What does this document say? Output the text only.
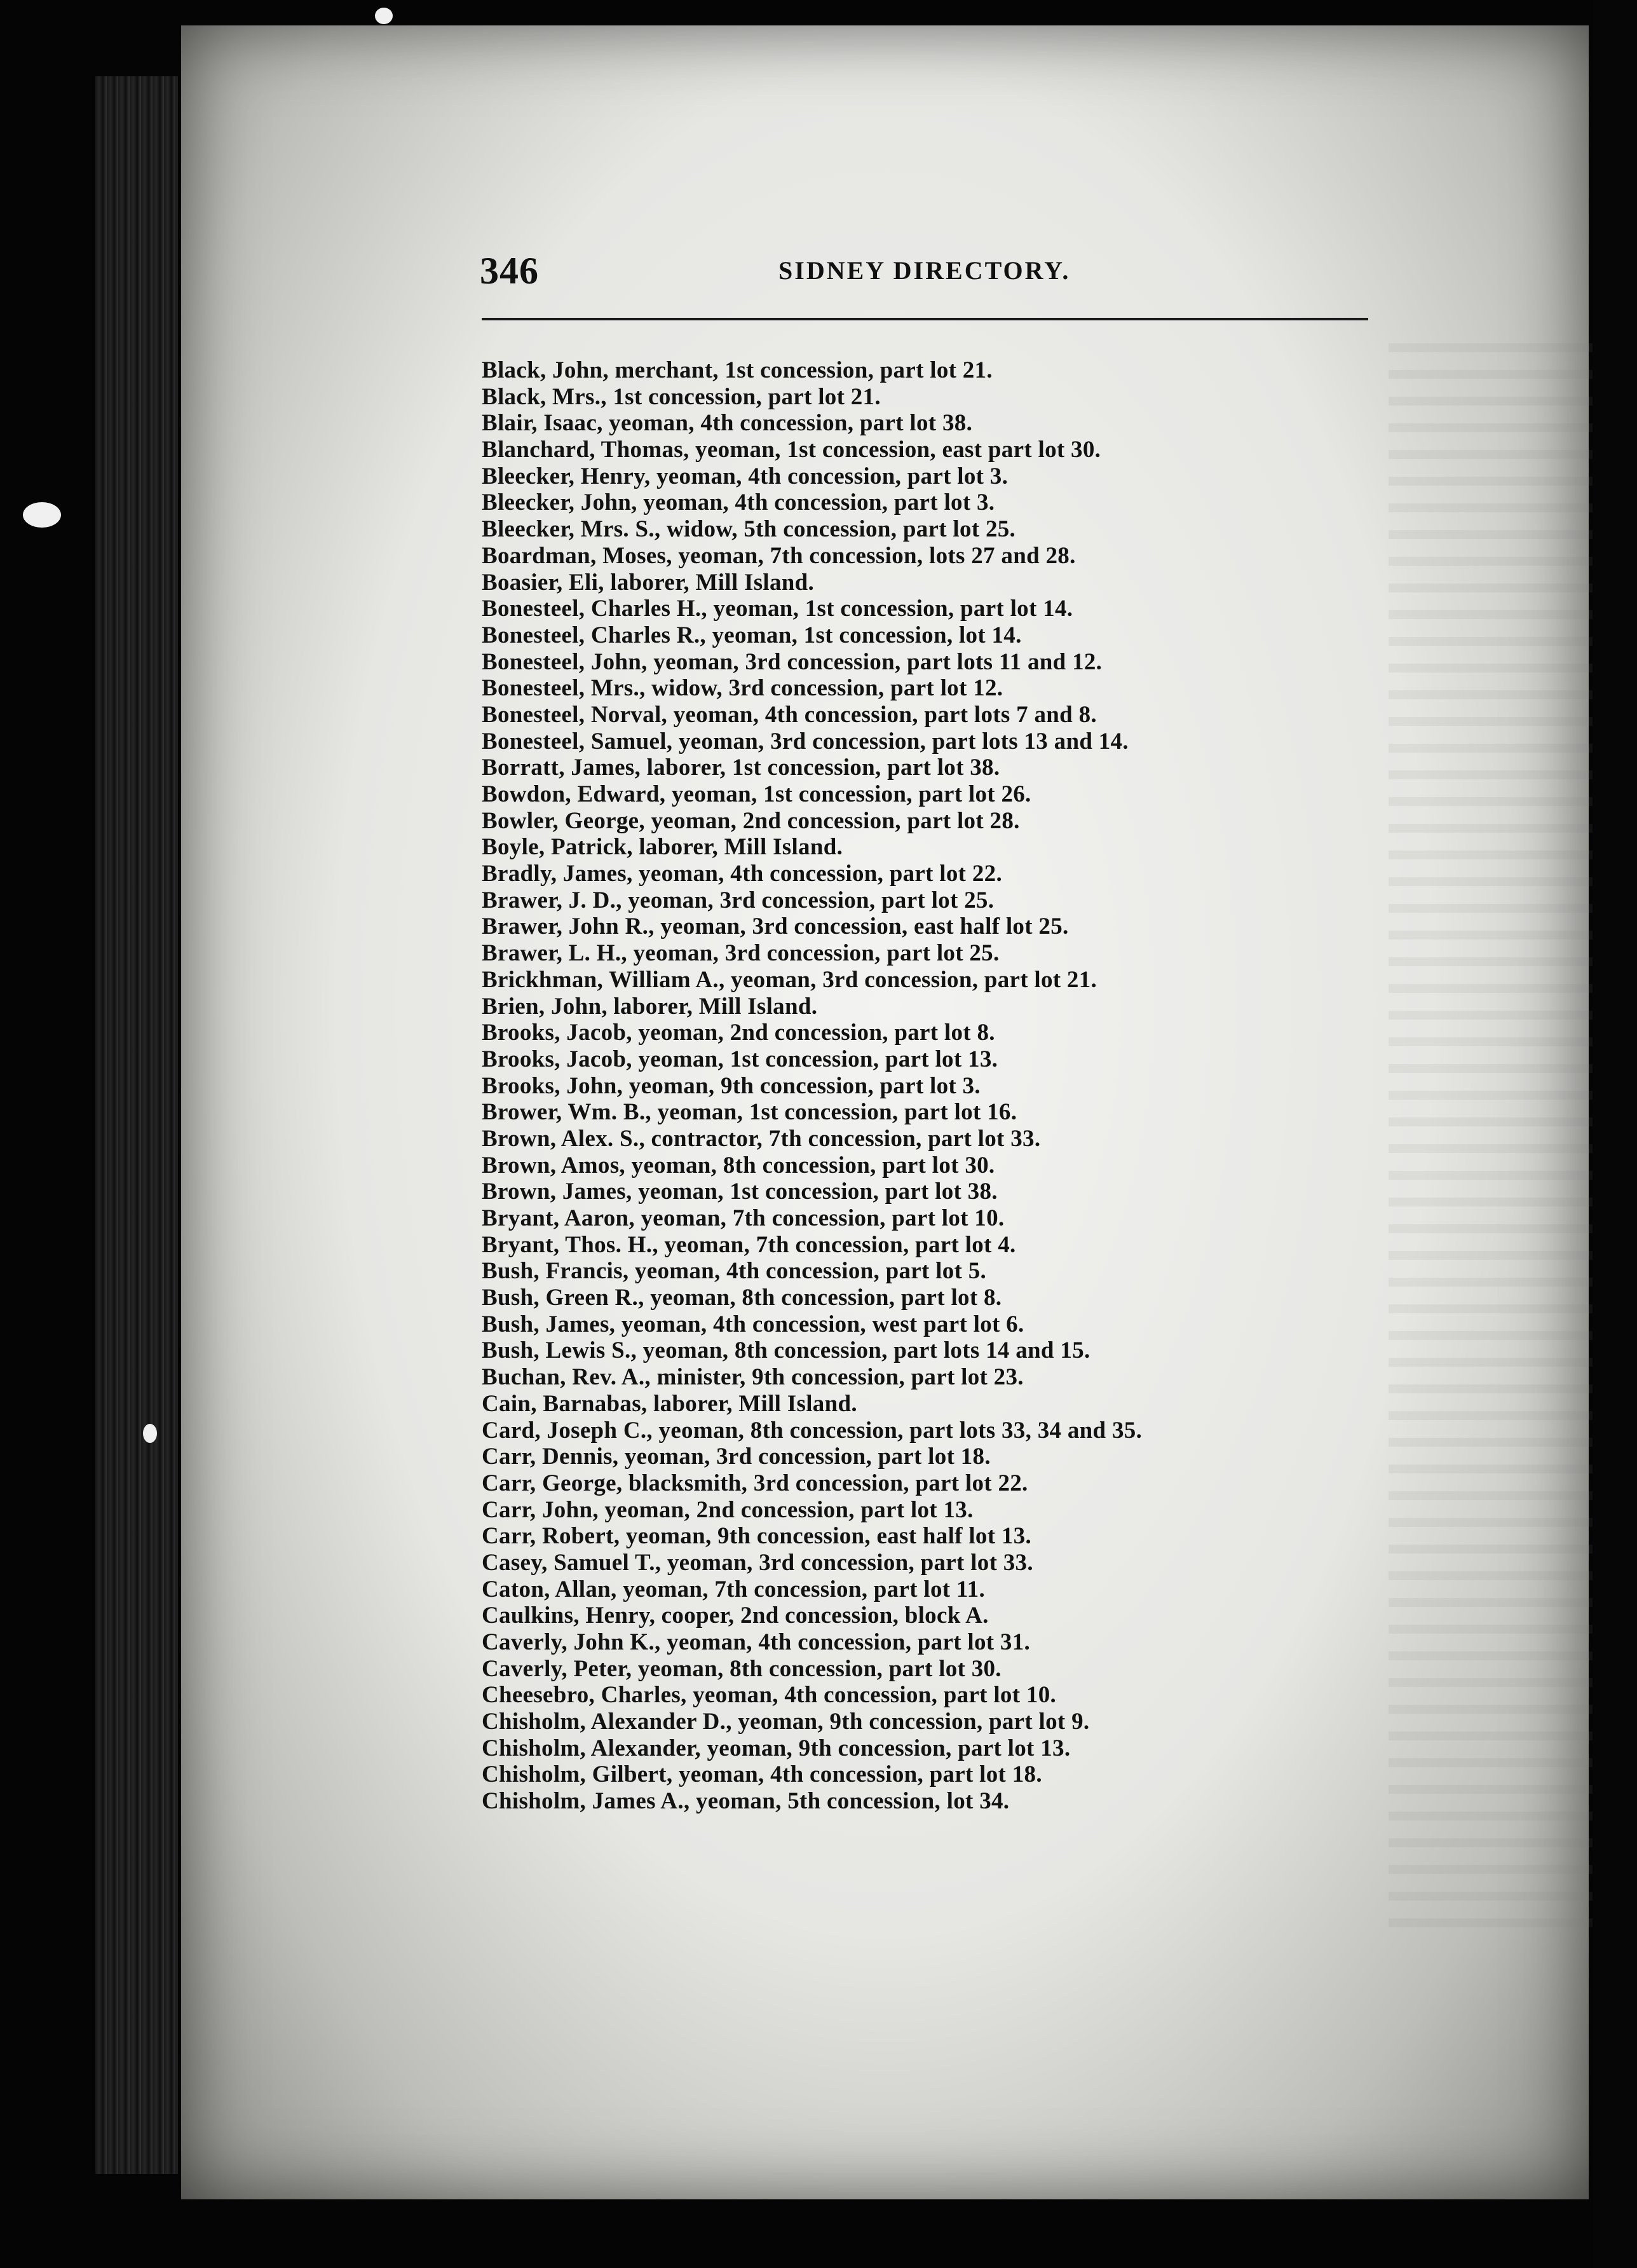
346	SIDNEY DIRECTORY.
Black, John, merchant, 1st concession, part lot 21.
Black, Mrs., 1st concession, part lot 21.
Blair, Isaac, yeoman, 4th concession, part lot 38.
Blanchard, Thomas, yeoman, 1st concession, east part lot 30.
Bleecker, Henry, yeoman, 4th concession, part lot 3.
Bleecker, John, yeoman, 4th concession, part lot 3.
Bleecker, Mrs. S., widow, 5th concession, part lot 25.
Boardman, Moses, yeoman, 7th concession, lots 27 and 28.
Boasier, Eli, laborer, Mill Island.
Bonesteel, Charles H., yeoman, 1st concession, part lot 14.
Bonesteel, Charles R., yeoman, 1st concession, lot 14.
Bonesteel, John, yeoman, 3rd concession, part lots 11 and 12.
Bonesteel, Mrs., widow, 3rd concession, part lot 12.
Bonesteel, Norval, yeoman, 4th concession, part lots 7 and 8.
Bonesteel, Samuel, yeoman, 3rd concession, part lots 13 and 14.
Borratt, James, laborer, 1st concession, part lot 38.
Bowdon, Edward, yeoman, 1st concession, part lot 26.
Bowler, George, yeoman, 2nd concession, part lot 28.
Boyle, Patrick, laborer, Mill Island.
Bradly, James, yeoman, 4th concession, part lot 22.
Brawer, J. D., yeoman, 3rd concession, part lot 25.
Brawer, John R., yeoman, 3rd concession, east half lot 25.
Brawer, L. H., yeoman, 3rd concession, part lot 25.
Brickhman, William A., yeoman, 3rd concession, part lot 21.
Brien, John, laborer, Mill Island.
Brooks, Jacob, yeoman, 2nd concession, part lot 8.
Brooks, Jacob, yeoman, 1st concession, part lot 13.
Brooks, John, yeoman, 9th concession, part lot 3.
Brower, Wm. B., yeoman, 1st concession, part lot 16.
Brown, Alex. S., contractor, 7th concession, part lot 33.
Brown, Amos, yeoman, 8th concession, part lot 30.
Brown, James, yeoman, 1st concession, part lot 38.
Bryant, Aaron, yeoman, 7th concession, part lot 10.
Bryant, Thos. H., yeoman, 7th concession, part lot 4.
Bush, Francis, yeoman, 4th concession, part lot 5.
Bush, Green R., yeoman, 8th concession, part lot 8.
Bush, James, yeoman, 4th concession, west part lot 6.
Bush, Lewis S., yeoman, 8th concession, part lots 14 and 15.
Buchan, Rev. A., minister, 9th concession, part lot 23.
Cain, Barnabas, laborer, Mill Island.
Card, Joseph C., yeoman, 8th concession, part lots 33, 34 and 35.
Carr, Dennis, yeoman, 3rd concession, part lot 18.
Carr, George, blacksmith, 3rd concession, part lot 22.
Carr, John, yeoman, 2nd concession, part lot 13.
Carr, Robert, yeoman, 9th concession, east half lot 13.
Casey, Samuel T., yeoman, 3rd concession, part lot 33.
Caton, Allan, yeoman, 7th concession, part lot 11.
Caulkins, Henry, cooper, 2nd concession, block A.
Caverly, John K., yeoman, 4th concession, part lot 31.
Caverly, Peter, yeoman, 8th concession, part lot 30.
Cheesebro, Charles, yeoman, 4th concession, part lot 10.
Chisholm, Alexander D., yeoman, 9th concession, part lot 9.
Chisholm, Alexander, yeoman, 9th concession, part lot 13.
Chisholm, Gilbert, yeoman, 4th concession, part lot 18.
Chisholm, James A., yeoman, 5th concession, lot 34.
